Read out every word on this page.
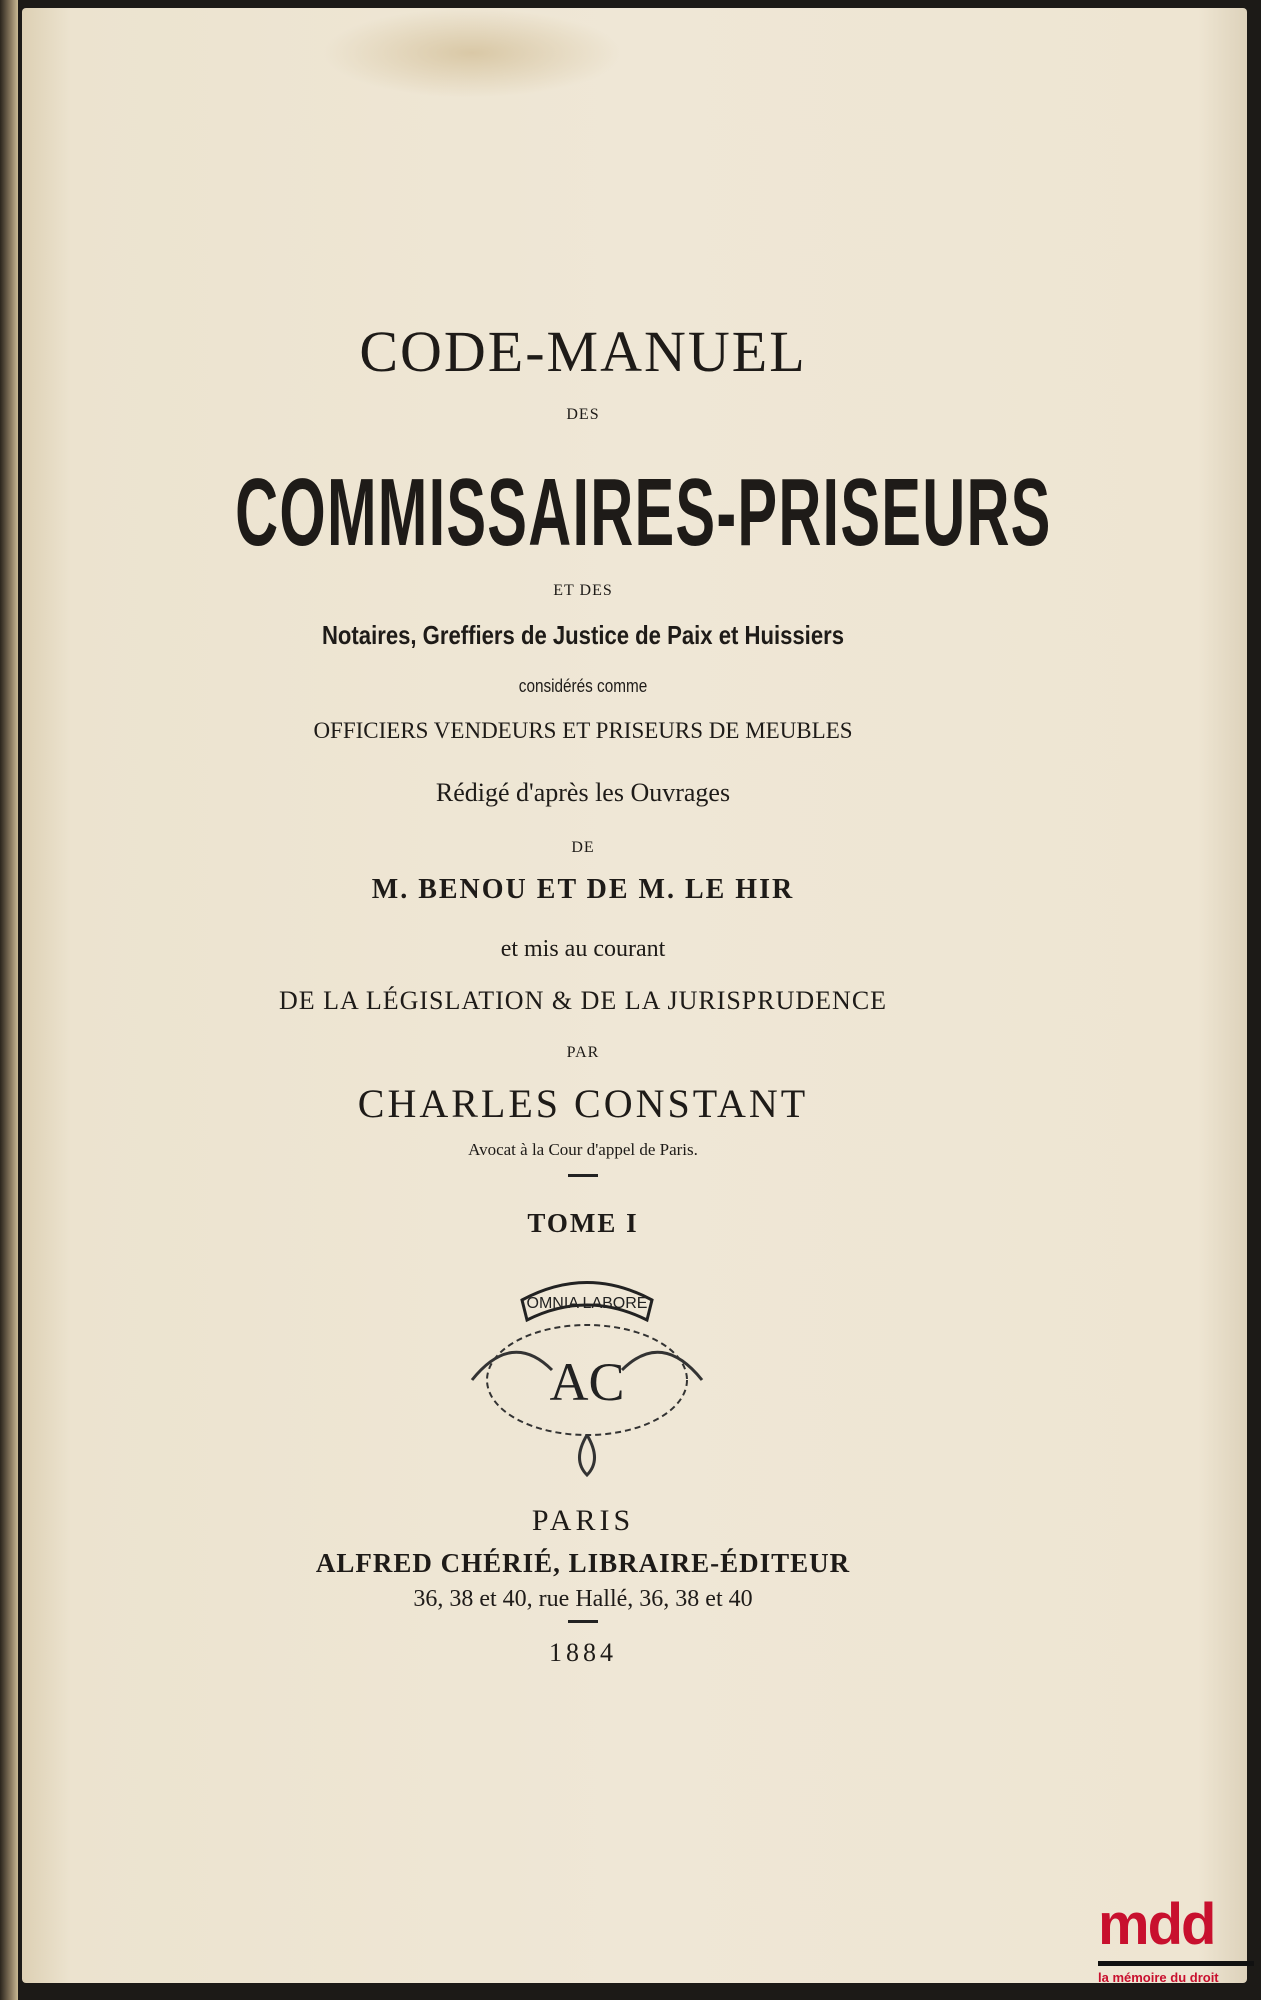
CODE-MANUEL
DES
COMMISSAIRES-PRISEURS
ET DES
Notaires, Greffiers de Justice de Paix et Huissiers
considérés comme
OFFICIERS VENDEURS ET PRISEURS DE MEUBLES
Rédigé d'après les Ouvrages
DE
M. BENOU ET DE M. LE HIR
et mis au courant
DE LA LÉGISLATION & DE LA JURISPRUDENCE
PAR
CHARLES CONSTANT
Avocat à la Cour d'appel de Paris.
TOME I
OMNIA LABORE
AC
PARIS
ALFRED CHÉRIÉ, LIBRAIRE-ÉDITEUR
36, 38 et 40, rue Hallé, 36, 38 et 40
1884
mdd
la mémoire du droit
